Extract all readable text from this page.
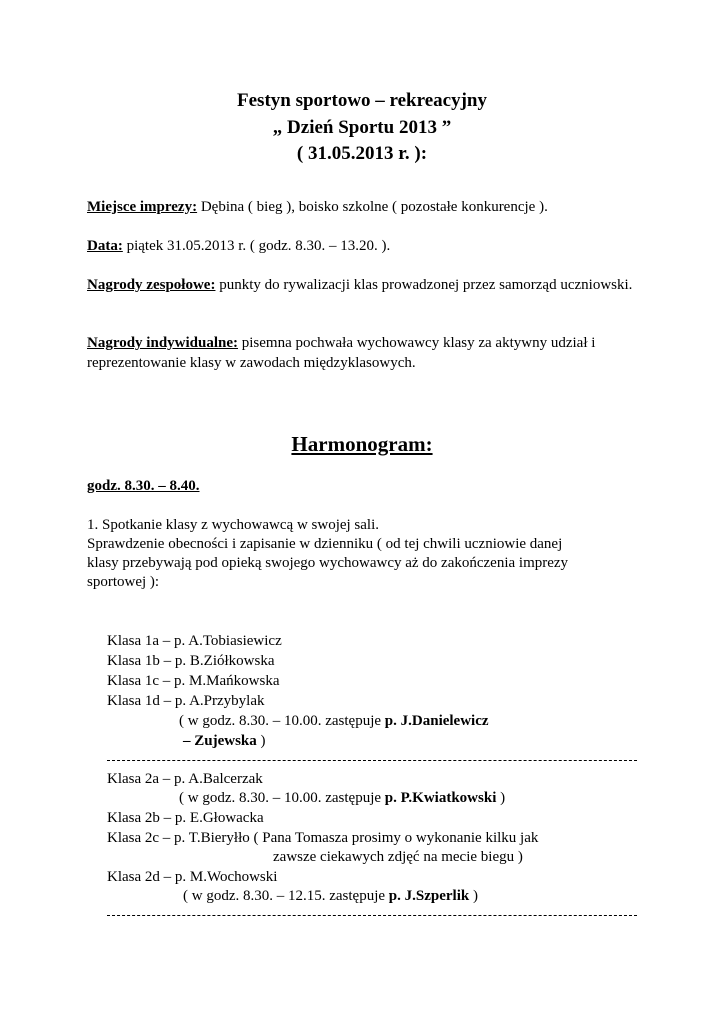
Festyn sportowo – rekreacyjny
„ Dzień Sportu 2013 ”
( 31.05.2013 r. ):
Miejsce imprezy: Dębina ( bieg ), boisko szkolne ( pozostałe konkurencje ).
Data: piątek 31.05.2013 r. ( godz. 8.30. – 13.20. ).
Nagrody zespołowe: punkty do rywalizacji klas prowadzonej przez samorząd uczniowski.
Nagrody indywidualne: pisemna pochwała wychowawcy klasy za aktywny udział i reprezentowanie klasy w zawodach międzyklasowych.
Harmonogram:
godz. 8.30. – 8.40.
1. Spotkanie klasy z wychowawcą w swojej sali.
Sprawdzenie obecności i zapisanie w dzienniku ( od tej chwili uczniowie danej
klasy przebywają pod opieką swojego wychowawcy aż do zakończenia imprezy
sportowej ):
Klasa 1a – p. A.Tobiasiewicz
Klasa 1b – p. B.Ziółkowska
Klasa 1c – p. M.Mańkowska
Klasa 1d – p. A.Przybylak
( w godz. 8.30. – 10.00. zastępuje p. J.Danielewicz
– Zujewska )
Klasa 2a – p. A.Balcerzak
( w godz. 8.30. – 10.00. zastępuje p. P.Kwiatkowski )
Klasa 2b – p. E.Głowacka
Klasa 2c – p. T.Bieryłło ( Pana Tomasza prosimy o wykonanie kilku jak
zawsze ciekawych zdjęć na mecie biegu )
Klasa 2d – p. M.Wochowski
( w godz. 8.30. – 12.15. zastępuje p. J.Szperlik )
